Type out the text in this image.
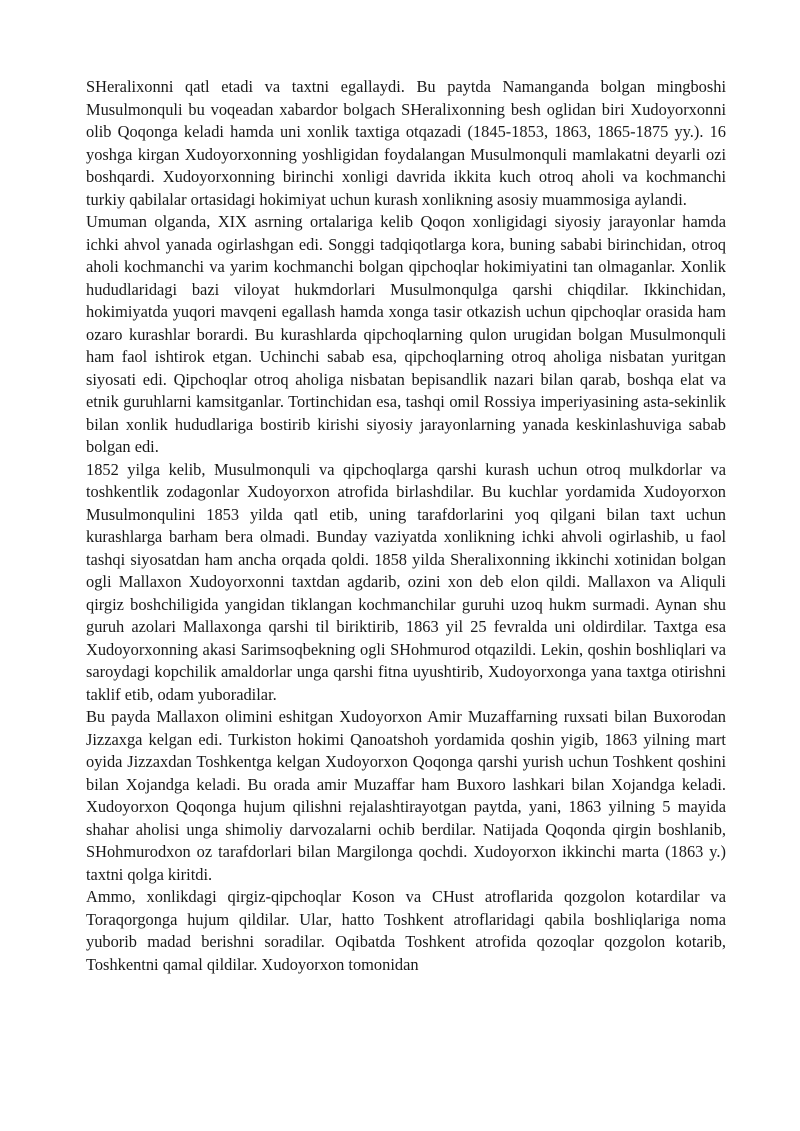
SHeralixonni qatl etadi va taxtni egallaydi. Bu paytda Namanganda bolgan mingboshi Musulmonquli bu voqeadan xabardor bolgach SHeralixonning besh oglidan biri Xudoyorxonni olib Qoqonga keladi hamda uni xonlik taxtiga otqazadi (1845-1853, 1863, 1865-1875 yy.). 16 yoshga kirgan Xudoyorxonning yoshligidan foydalangan Musulmonquli mamlakatni deyarli ozi boshqardi. Xudoyorxonning birinchi xonligi davrida ikkita kuch otroq aholi va kochmanchi turkiy qabilalar ortasidagi hokimiyat uchun kurash xonlikning asosiy muammosiga aylandi.

Umuman olganda, XIX asrning ortalariga kelib Qoqon xonligidagi siyosiy jarayonlar hamda ichki ahvol yanada ogirlashgan edi. Songgi tadqiqotlarga kora, buning sababi birinchidan, otroq aholi kochmanchi va yarim kochmanchi bolgan qipchoqlar hokimiyatini tan olmaganlar. Xonlik hududlaridagi bazi viloyat hukmdorlari Musulmonqulga qarshi chiqdilar. Ikkinchidan, hokimiyatda yuqori mavqeni egallash hamda xonga tasir otkazish uchun qipchoqlar orasida ham ozaro kurashlar borardi. Bu kurashlarda qipchoqlarning qulon urugidan bolgan Musulmonquli ham faol ishtirok etgan. Uchinchi sabab esa, qipchoqlarning otroq aholiga nisbatan yuritgan siyosati edi. Qipchoqlar otroq aholiga nisbatan bepisandlik nazari bilan qarab, boshqa elat va etnik guruhlarni kamsitganlar. Tortinchidan esa, tashqi omil Rossiya imperiyasining asta-sekinlik bilan xonlik hududlariga bostirib kirishi siyosiy jarayonlarning yanada keskinlashuviga sabab bolgan edi.

1852 yilga kelib, Musulmonquli va qipchoqlarga qarshi kurash uchun otroq mulkdorlar va toshkentlik zodagonlar Xudoyorxon atrofida birlashdilar. Bu kuchlar yordamida Xudoyorxon Musulmonqulini 1853 yilda qatl etib, uning tarafdorlarini yoq qilgani bilan taxt uchun kurashlarga barham bera olmadi. Bunday vaziyatda xonlikning ichki ahvoli ogirlashib, u faol tashqi siyosatdan ham ancha orqada qoldi. 1858 yilda Sheralixonning ikkinchi xotinidan bolgan ogli Mallaxon Xudoyorxonni taxtdan agdarib, ozini xon deb elon qildi. Mallaxon va Aliquli qirgiz boshchiligida yangidan tiklangan kochmanchilar guruhi uzoq hukm surmadi. Aynan shu guruh azolari Mallaxonga qarshi til biriktirib, 1863 yil 25 fevralda uni oldirdilar. Taxtga esa Xudoyorxonning akasi Sarimsoqbekning ogli SHohmurod otqazildi. Lekin, qoshin boshliqlari va saroydagi kopchilik amaldorlar unga qarshi fitna uyushtirib, Xudoyorxonga yana taxtga otirishni taklif etib, odam yuboradilar.

Bu payda Mallaxon olimini eshitgan Xudoyorxon Amir Muzaffarning ruxsati bilan Buxorodan Jizzaxga kelgan edi. Turkiston hokimi Qanoatshoh yordamida qoshin yigib, 1863 yilning mart oyida Jizzaxdan Toshkentga kelgan Xudoyorxon Qoqonga qarshi yurish uchun Toshkent qoshini bilan Xojandga keladi. Bu orada amir Muzaffar ham Buxoro lashkari bilan Xojandga keladi. Xudoyorxon Qoqonga hujum qilishni rejalashtirayotgan paytda, yani, 1863 yilning 5 mayida shahar aholisi unga shimoliy darvozalarni ochib berdilar. Natijada Qoqonda qirgin boshlanib, SHohmurodxon oz tarafdorlari bilan Margilonga qochdi. Xudoyorxon ikkinchi marta (1863 y.) taxtni qolga kiritdi.

Ammo, xonlikdagi qirgiz-qipchoqlar Koson va CHust atroflarida qozgolon kotardilar va Toraqorgonga hujum qildilar. Ular, hatto Toshkent atroflaridagi qabila boshliqlariga noma yuborib madad berishni soradilar. Oqibatda Toshkent atrofida qozoqlar qozgolon kotarib, Toshkentni qamal qildilar. Xudoyorxon tomonidan
